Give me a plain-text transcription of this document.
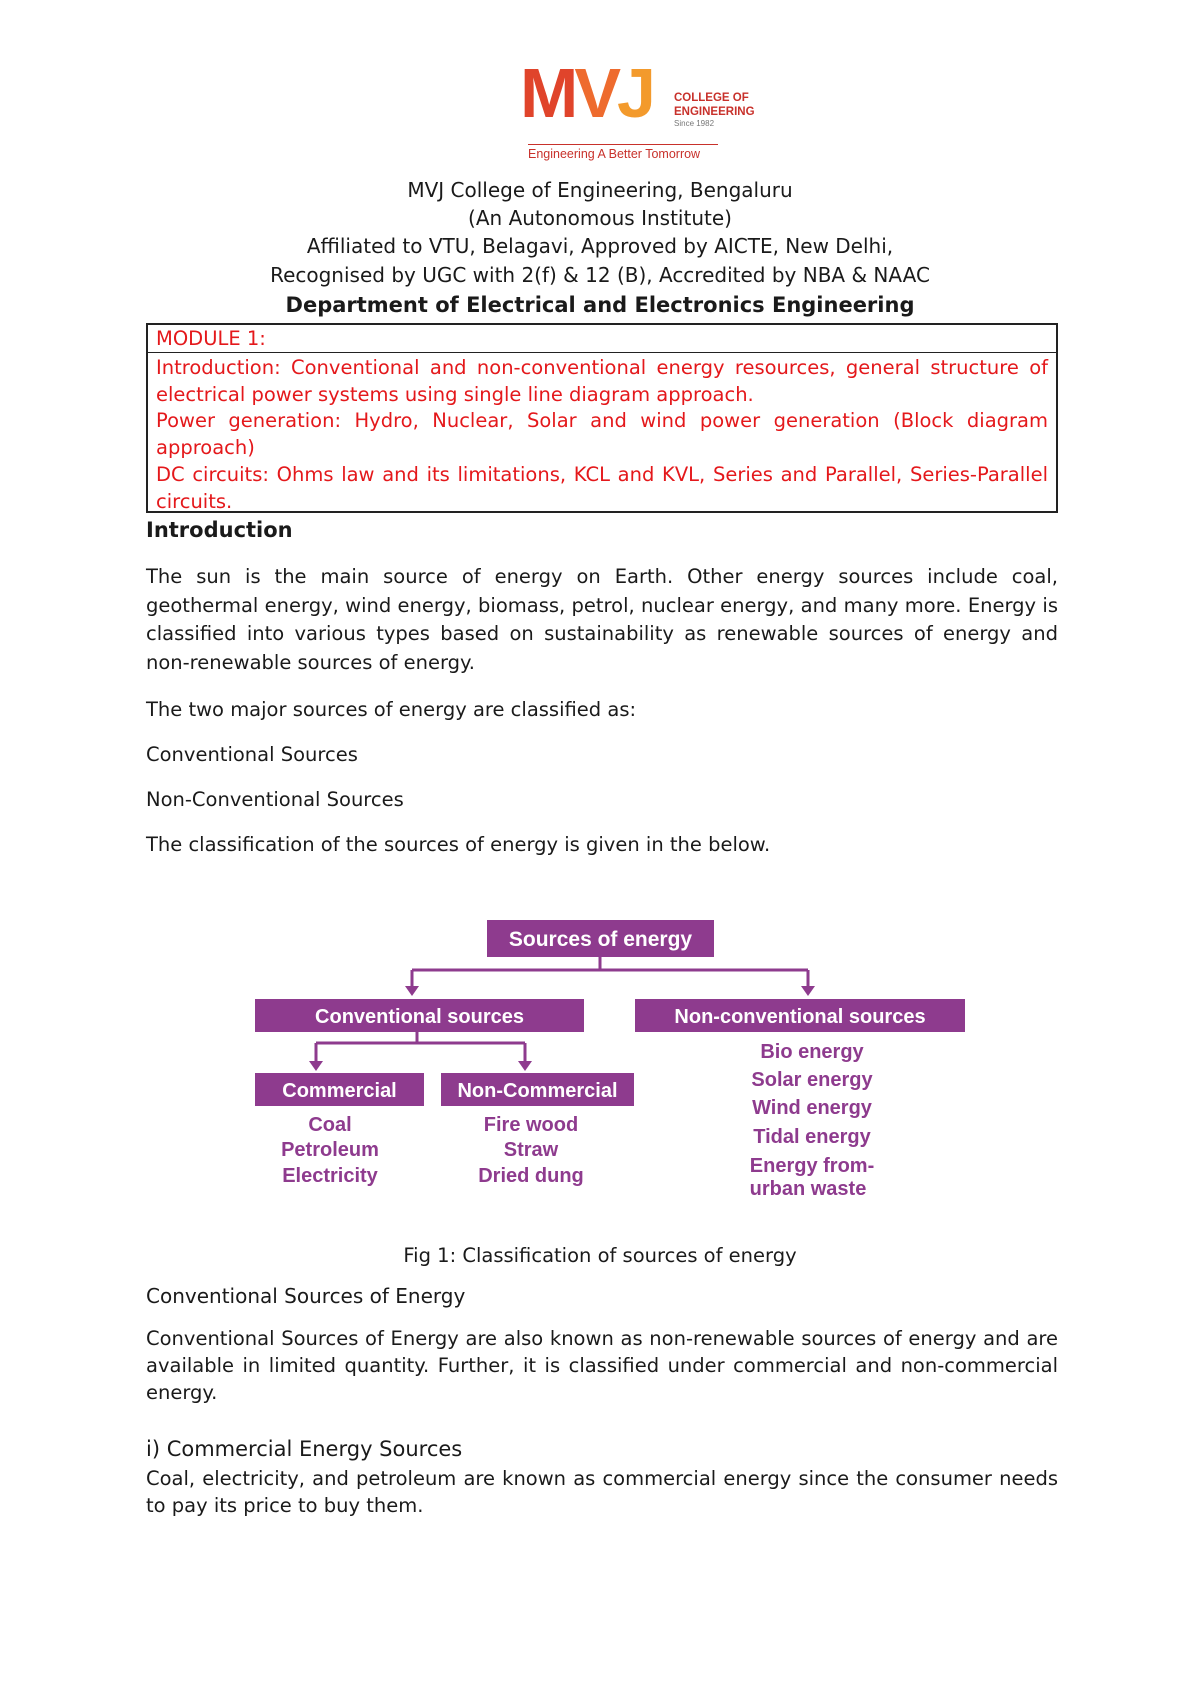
MVJ COLLEGE OF
ENGINEERING
Since 1982
Engineering A Better Tomorrow
MVJ College of Engineering, Bengaluru
(An Autonomous Institute)
Affiliated to VTU, Belagavi, Approved by AICTE, New Delhi,
Recognised by UGC with 2(f) & 12 (B), Accredited by NBA & NAAC
Department of Electrical and Electronics Engineering
MODULE 1:
Introduction: Conventional and non-conventional energy resources, general structure of electrical power systems using single line diagram approach.
Power generation: Hydro, Nuclear, Solar and wind power generation (Block diagram approach)
DC circuits: Ohms law and its limitations, KCL and KVL, Series and Parallel, Series-Parallel circuits.
Introduction
The sun is the main source of energy on Earth. Other energy sources include coal, geothermal energy, wind energy, biomass, petrol, nuclear energy, and many more. Energy is classified into various types based on sustainability as renewable sources of energy and non-renewable sources of energy.
The two major sources of energy are classified as:
Conventional Sources
Non-Conventional Sources
The classification of the sources of energy is given in the below.
Sources of energy
Conventional sources	Non-conventional sources
Commercial	Non-Commercial
Coal
Petroleum
Electricity
Fire wood
Straw
Dried dung
Bio energy
Solar energy
Wind energy
Tidal energy
Energy from-
urban waste
Fig 1: Classification of sources of energy
Conventional Sources of Energy
Conventional Sources of Energy are also known as non-renewable sources of energy and are available in limited quantity. Further, it is classified under commercial and non-commercial energy.
i) Commercial Energy Sources
Coal, electricity, and petroleum are known as commercial energy since the consumer needs to pay its price to buy them.
